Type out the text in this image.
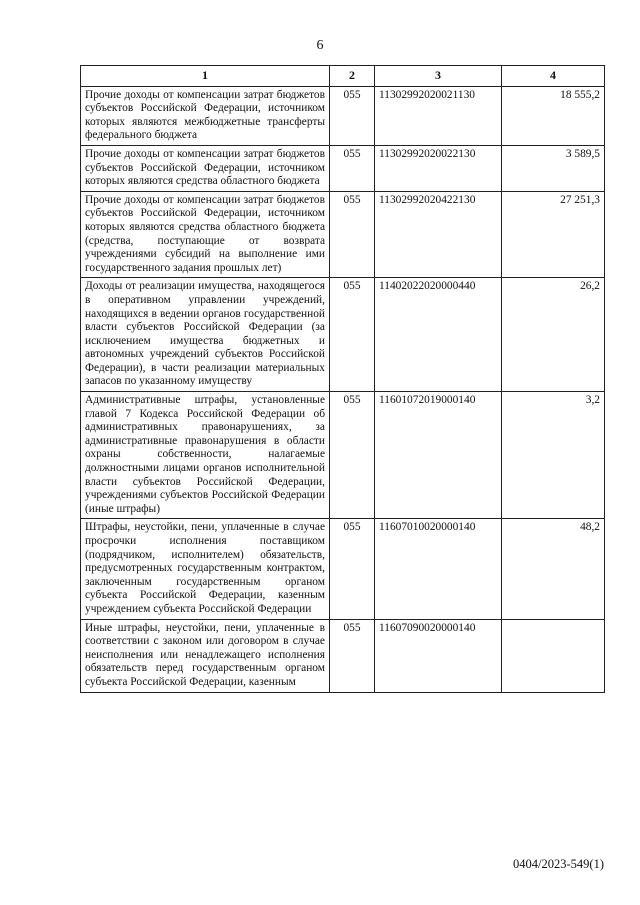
6
1	2	3	4
Прочие доходы от компенсации затрат бюджетов субъектов Российской Федерации, источником которых являются межбюджетные трансферты федерального бюджета	055	11302992020021130	18 555,2
Прочие доходы от компенсации затрат бюджетов субъектов Российской Федерации, источником которых являются средства областного бюджета	055	11302992020022130	3 589,5
Прочие доходы от компенсации затрат бюджетов субъектов Российской Федерации, источником которых являются средства областного бюджета (средства, поступающие от возврата учреждениями субсидий на выполнение ими государственного задания прошлых лет)	055	11302992020422130	27 251,3
Доходы от реализации имущества, находящегося в оперативном управлении учреждений, находящихся в ведении органов государственной власти субъектов Российской Федерации (за исключением имущества бюджетных и автономных учреждений субъектов Российской Федерации), в части реализации материальных запасов по указанному имуществу	055	11402022020000440	26,2
Административные штрафы, установленные главой 7 Кодекса Российской Федерации об административных правонарушениях, за административные правонарушения в области охраны собственности, налагаемые должностными лицами органов исполнительной власти субъектов Российской Федерации, учреждениями субъектов Российской Федерации (иные штрафы)	055	11601072019000140	3,2
Штрафы, неустойки, пени, уплаченные в случае просрочки исполнения поставщиком (подрядчиком, исполнителем) обязательств, предусмотренных государственным контрактом, заключенным государственным органом субъекта Российской Федерации, казенным учреждением субъекта Российской Федерации	055	11607010020000140	48,2
Иные штрафы, неустойки, пени, уплаченные в соответствии с законом или договором в случае неисполнения или ненадлежащего исполнения обязательств перед государственным органом субъекта Российской Федерации, казенным	055	11607090020000140	
0404/2023-549(1)
